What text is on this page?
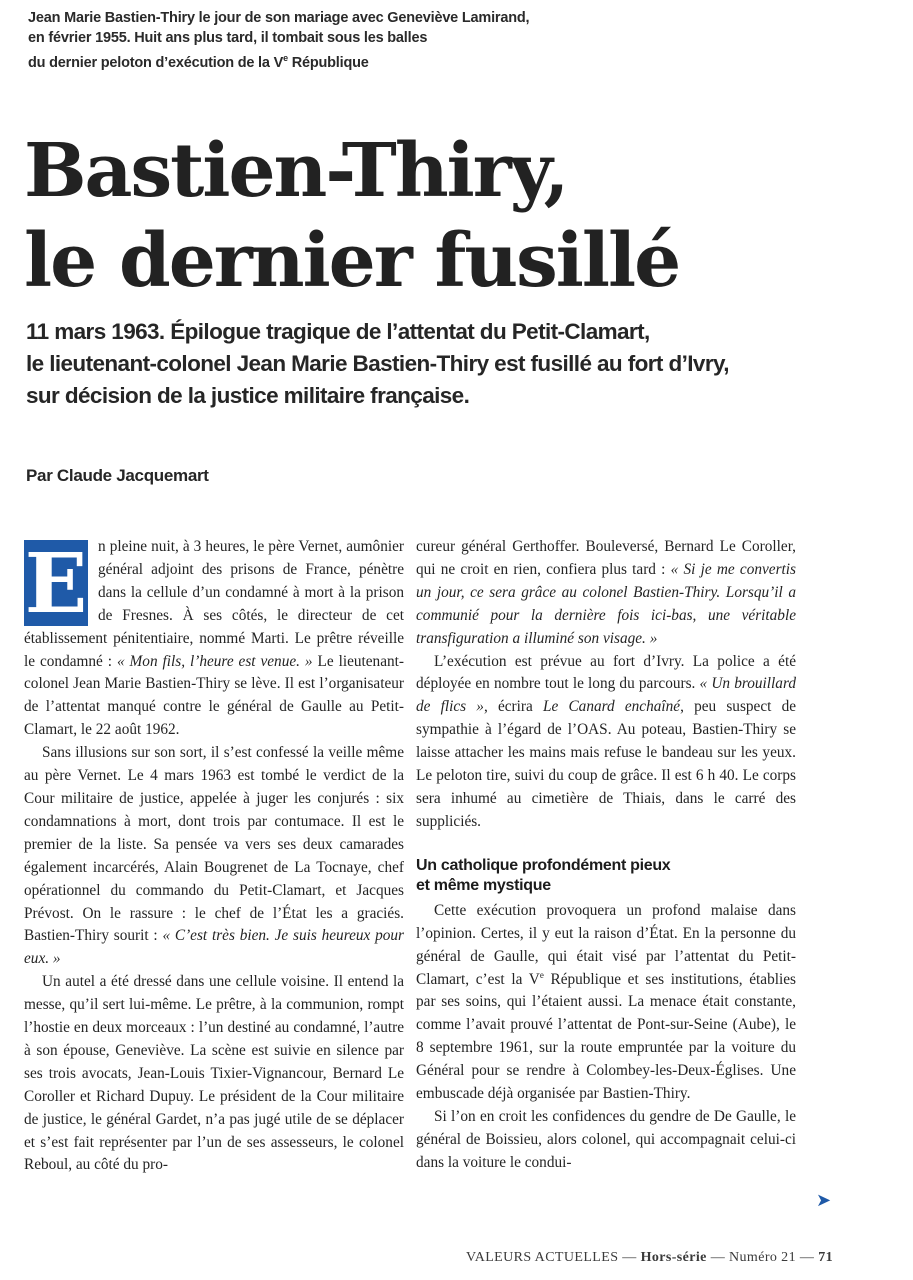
Jean Marie Bastien-Thiry le jour de son mariage avec Geneviève Lamirand,
en février 1955. Huit ans plus tard, il tombait sous les balles
du dernier peloton d’exécution de la Ve République
Bastien-Thiry,
le dernier fusillé
11 mars 1963. Épilogue tragique de l’attentat du Petit-Clamart,
le lieutenant-colonel Jean Marie Bastien-Thiry est fusillé au fort d’Ivry,
sur décision de la justice militaire française.
Par Claude Jacquemart

E n pleine nuit, à 3 heures, le père Vernet, aumônier général adjoint des prisons de France, pénètre dans la cellule d’un condamné à mort à la prison de Fresnes. À ses côtés, le directeur de cet établissement pénitentiaire, nommé Marti. Le prêtre réveille le condamné : « Mon fils, l’heure est venue. » Le lieutenant-colonel Jean Marie Bastien-Thiry se lève. Il est l’organisateur de l’attentat manqué contre le général de Gaulle au Petit-Clamart, le 22 août 1962.

Sans illusions sur son sort, il s’est confessé la veille même au père Vernet. Le 4 mars 1963 est tombé le verdict de la Cour militaire de justice, appelée à juger les conjurés : six condamnations à mort, dont trois par contumace. Il est le premier de la liste. Sa pensée va vers ses deux camarades également incarcérés, Alain Bougrenet de La Tocnaye, chef opérationnel du commando du Petit-Clamart, et Jacques Prévost. On le rassure : le chef de l’État les a graciés. Bastien-Thiry sourit : « C’est très bien. Je suis heureux pour eux. »

Un autel a été dressé dans une cellule voisine. Il entend la messe, qu’il sert lui-même. Le prêtre, à la communion, rompt l’hostie en deux morceaux : l’un destiné au condamné, l’autre à son épouse, Geneviève. La scène est suivie en silence par ses trois avocats, Jean-Louis Tixier-Vignancour, Bernard Le Coroller et Richard Dupuy. Le président de la Cour militaire de justice, le général Gardet, n’a pas jugé utile de se déplacer et s’est fait représenter par l’un de ses assesseurs, le colonel Reboul, au côté du pro-

cureur général Gerthoffer. Bouleversé, Bernard Le Coroller, qui ne croit en rien, confiera plus tard : « Si je me convertis un jour, ce sera grâce au colonel Bastien-Thiry. Lorsqu’il a communié pour la dernière fois ici-bas, une véritable transfiguration a illuminé son visage. »

L’exécution est prévue au fort d’Ivry. La police a été déployée en nombre tout le long du parcours. « Un brouillard de flics », écrira Le Canard enchaîné, peu suspect de sympathie à l’égard de l’OAS. Au poteau, Bastien-Thiry se laisse attacher les mains mais refuse le bandeau sur les yeux. Le peloton tire, suivi du coup de grâce. Il est 6 h 40. Le corps sera inhumé au cimetière de Thiais, dans le carré des suppliciés.

Un catholique profondément pieux
et même mystique

Cette exécution provoquera un profond malaise dans l’opinion. Certes, il y eut la raison d’État. En la personne du général de Gaulle, qui était visé par l’attentat du Petit-Clamart, c’est la Ve République et ses institutions, établies par ses soins, qui l’étaient aussi. La menace était constante, comme l’avait prouvé l’attentat de Pont-sur-Seine (Aube), le 8 septembre 1961, sur la route empruntée par la voiture du Général pour se rendre à Colombey-les-Deux-Églises. Une embuscade déjà organisée par Bastien-Thiry.

Si l’on en croit les confidences du gendre de De Gaulle, le général de Boissieu, alors colonel, qui accompagnait celui-ci dans la voiture le condui-

➤
VALEURS ACTUELLES — Hors-série — Numéro 21 — 71
